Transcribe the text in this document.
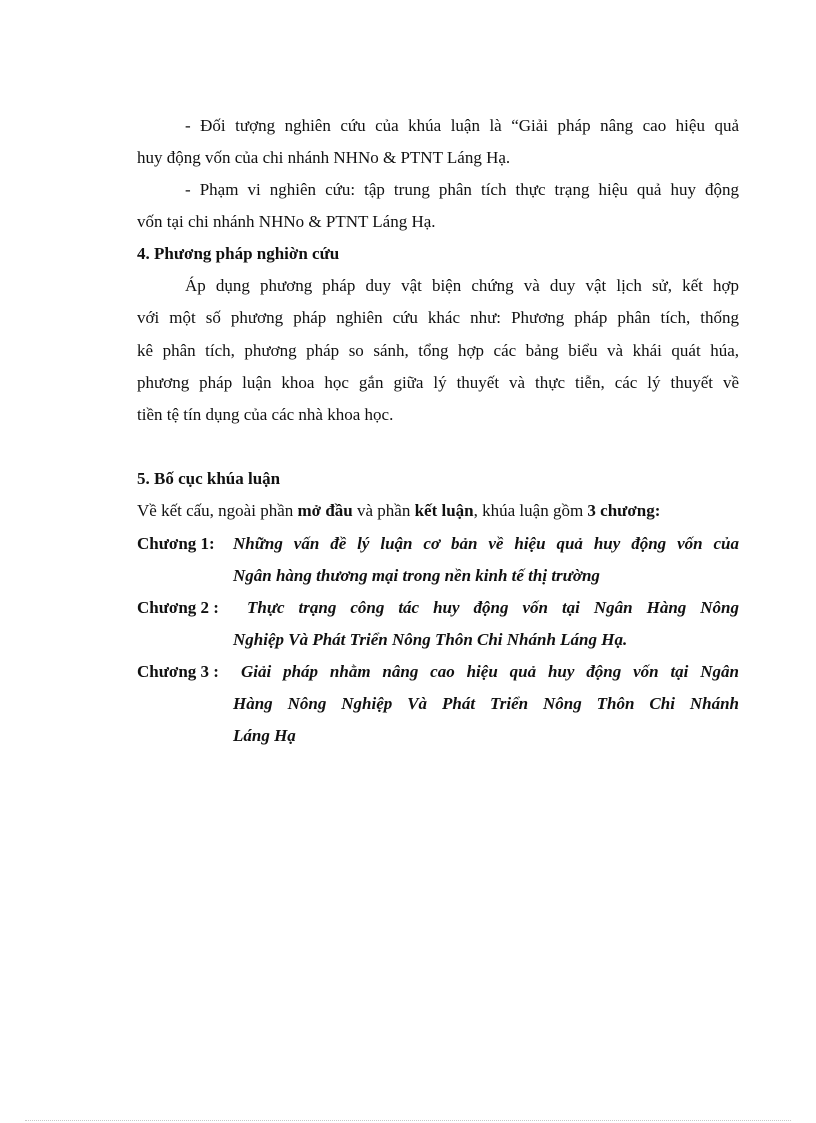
- Đối tượng nghiên cứu của khúa luận là “Giải pháp nâng cao hiệu quả
huy động vốn của chi nhánh NHNo & PTNT Láng Hạ.
- Phạm vi nghiên cứu: tập trung phân tích thực trạng hiệu quả huy động
vốn tại chi nhánh NHNo & PTNT Láng Hạ.
4. Phương pháp nghiờn cứu
Áp dụng phương pháp duy vật biện chứng và duy vật lịch sử, kết hợp
với một số phương pháp nghiên cứu khác như: Phương pháp phân tích, thống
kê phân tích, phương pháp so sánh, tổng hợp các bảng biểu và khái quát húa,
phương pháp luận khoa học gắn giữa lý thuyết và thực tiễn, các lý thuyết về
tiền tệ tín dụng của các nhà khoa học.
5. Bố cục khúa luận
Về kết cấu, ngoài phần mở đầu và phần kết luận, khúa luận gồm 3 chương:
Chương 1: Những vấn đề lý luận cơ bản về hiệu quả huy động vốn của
Ngân hàng thương mại trong nền kinh tế thị trường
Chương 2 : Thực trạng công tác huy động vốn tại Ngân Hàng Nông
Nghiệp Và Phát Triển Nông Thôn Chi Nhánh Láng Hạ.
Chương 3 : Giải pháp nhằm nâng cao hiệu quả huy động vốn tại Ngân
Hàng Nông Nghiệp Và Phát Triển Nông Thôn Chi Nhánh
Láng Hạ
